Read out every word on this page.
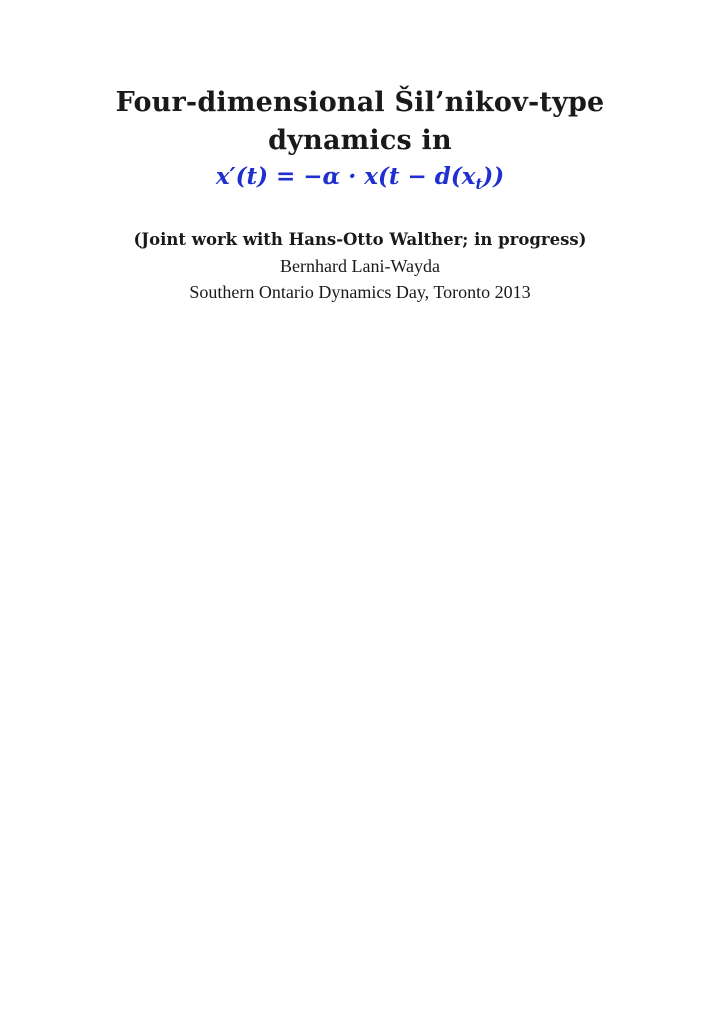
Four-dimensional Šil’nikov-type
dynamics in
$x'(t) = -\alpha \cdot x(t - d(x_t))$
(Joint work with Hans-Otto Walther; in progress)
Bernhard Lani-Wayda
Southern Ontario Dynamics Day, Toronto 2013
